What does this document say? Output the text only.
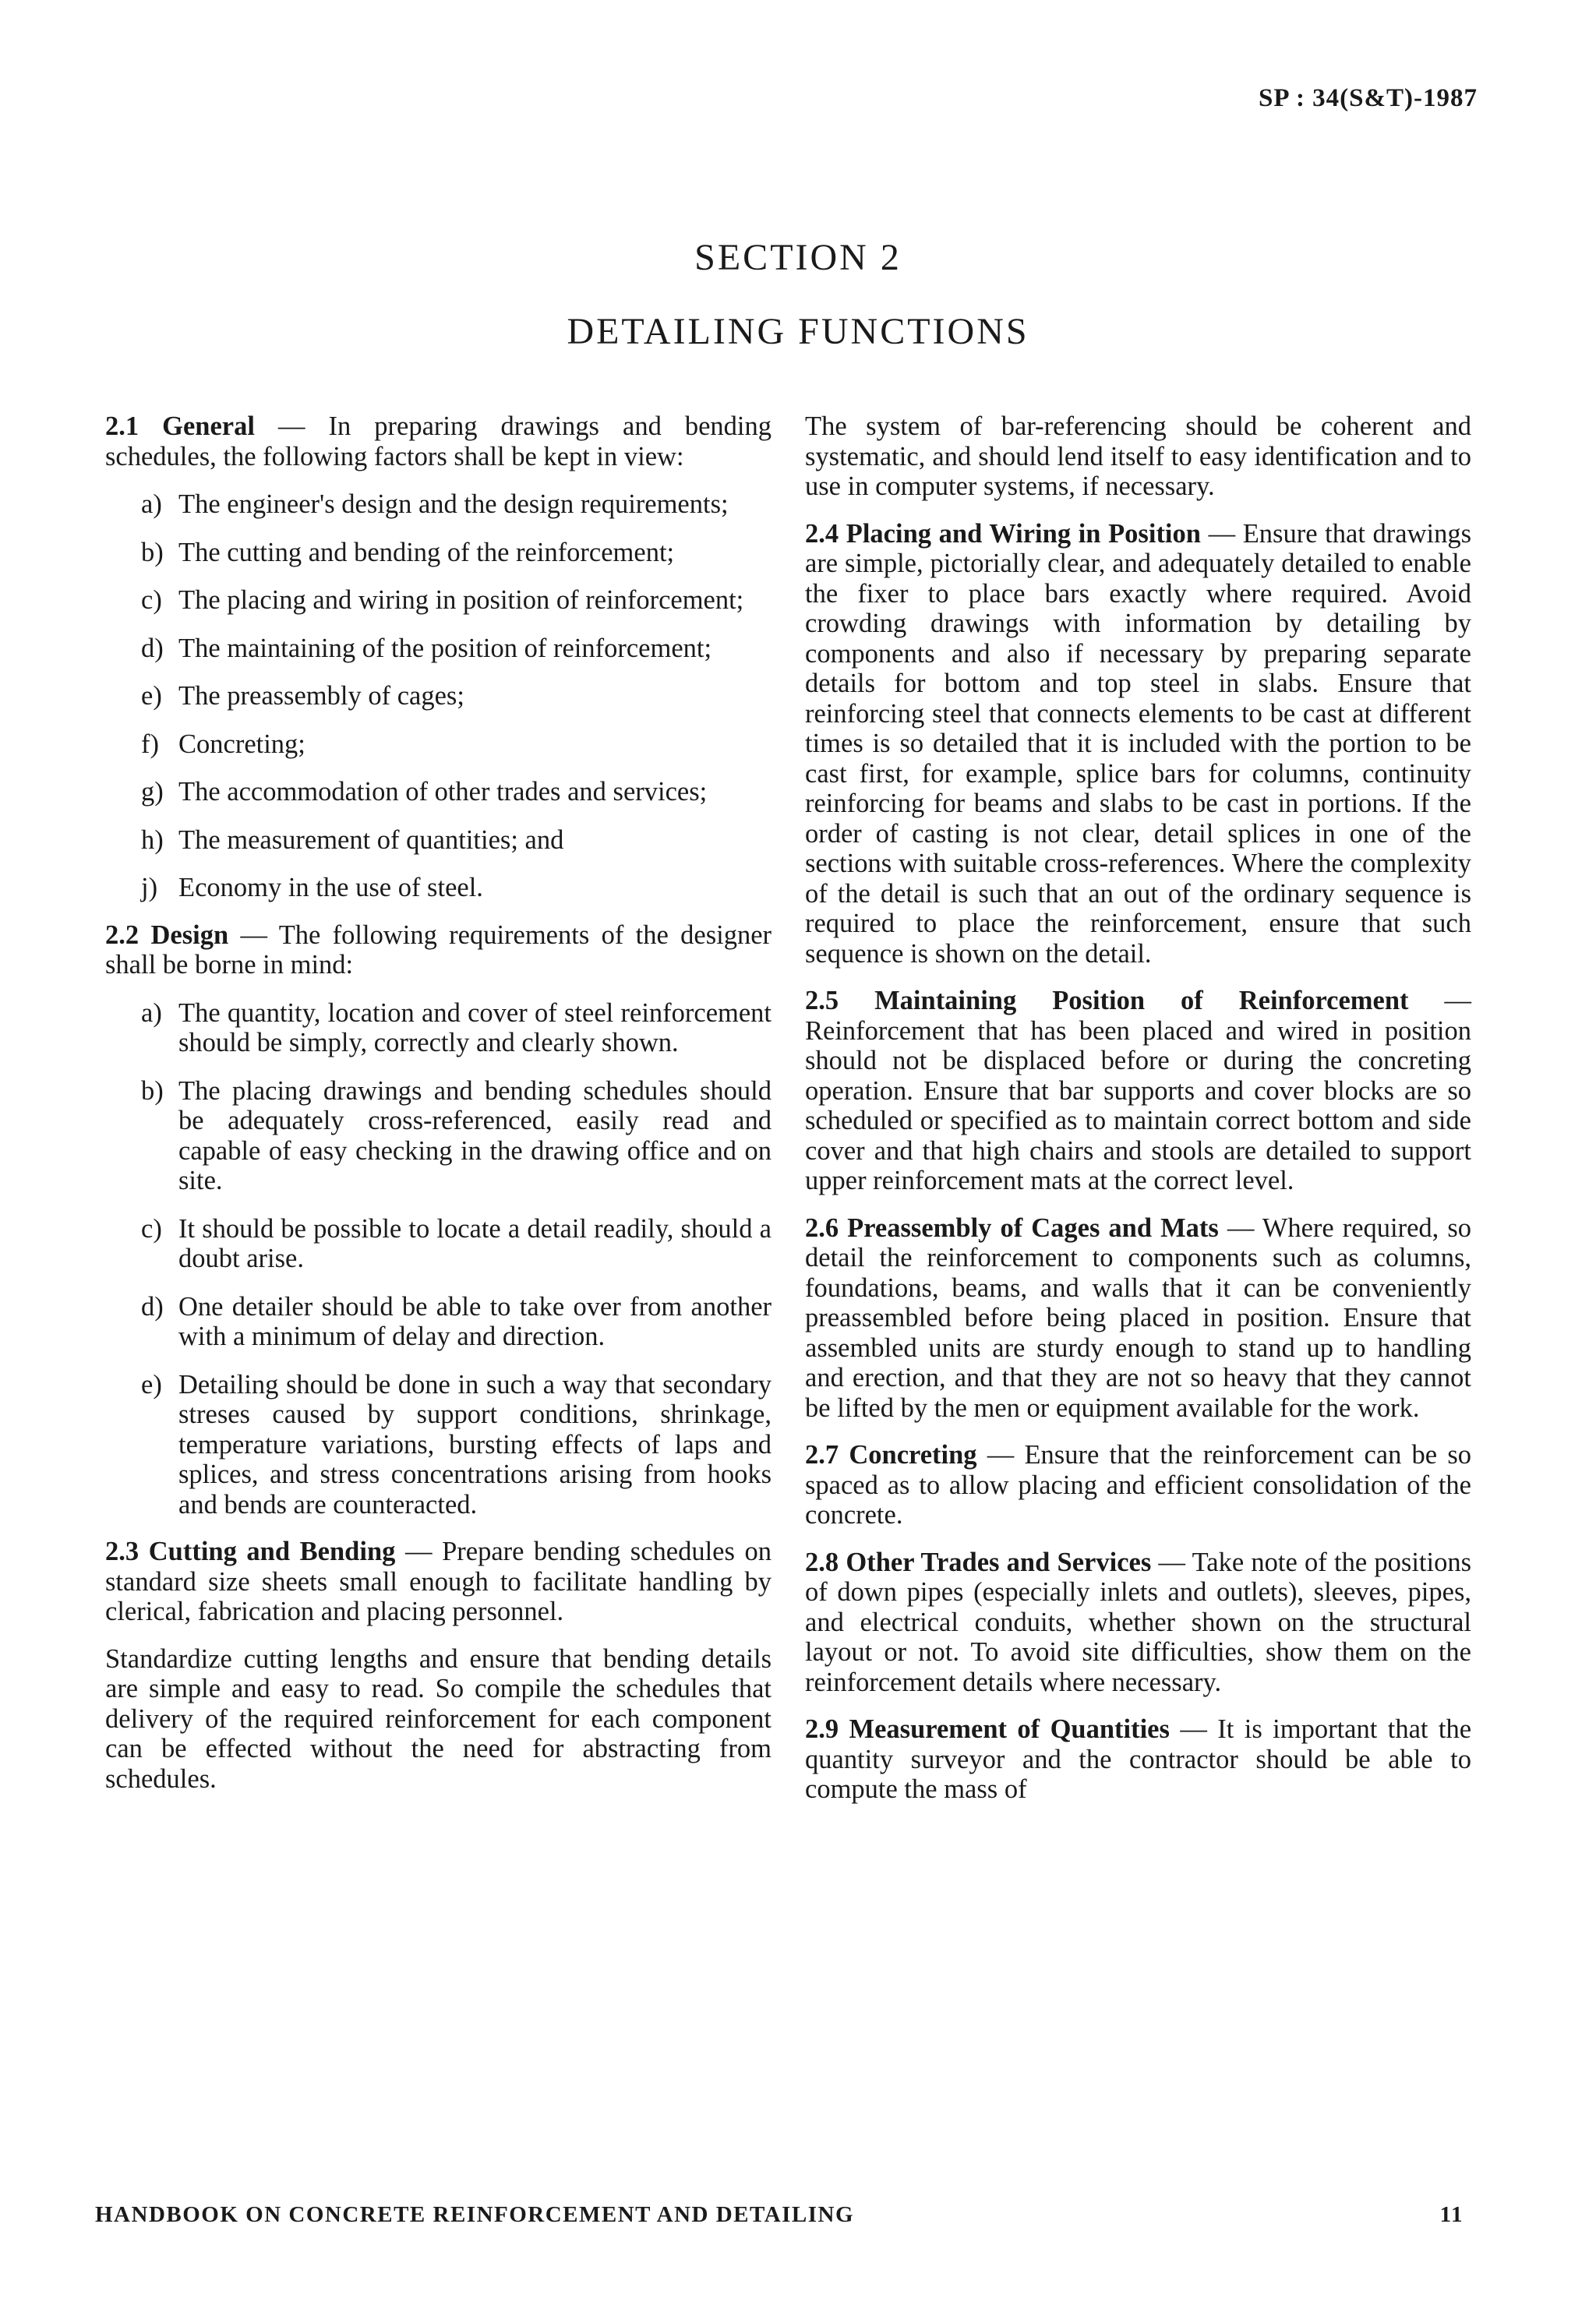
SP : 34(S&T)-1987
SECTION 2
DETAILING FUNCTIONS

2.1 General — In preparing drawings and bending schedules, the following factors shall be kept in view:

a) The engineer's design and the design requirements;
b) The cutting and bending of the reinforcement;
c) The placing and wiring in position of reinforcement;
d) The maintaining of the position of reinforcement;
e) The preassembly of cages;
f) Concreting;
g) The accommodation of other trades and services;
h) The measurement of quantities; and
j) Economy in the use of steel.

2.2 Design — The following requirements of the designer shall be borne in mind:

a) The quantity, location and cover of steel reinforcement should be simply, correctly and clearly shown.
b) The placing drawings and bending schedules should be adequately cross-referenced, easily read and capable of easy checking in the drawing office and on site.
c) It should be possible to locate a detail readily, should a doubt arise.
d) One detailer should be able to take over from another with a minimum of delay and direction.
e) Detailing should be done in such a way that secondary streses caused by support conditions, shrinkage, temperature variations, bursting effects of laps and splices, and stress concentrations arising from hooks and bends are counteracted.

2.3 Cutting and Bending — Prepare bending schedules on standard size sheets small enough to facilitate handling by clerical, fabrication and placing personnel.

Standardize cutting lengths and ensure that bending details are simple and easy to read. So compile the schedules that delivery of the required reinforcement for each component can be effected without the need for abstracting from schedules.

The system of bar-referencing should be coherent and systematic, and should lend itself to easy identification and to use in computer systems, if necessary.

2.4 Placing and Wiring in Position — Ensure that drawings are simple, pictorially clear, and adequately detailed to enable the fixer to place bars exactly where required. Avoid crowding drawings with information by detailing by components and also if necessary by preparing separate details for bottom and top steel in slabs. Ensure that reinforcing steel that connects elements to be cast at different times is so detailed that it is included with the portion to be cast first, for example, splice bars for columns, continuity reinforcing for beams and slabs to be cast in portions. If the order of casting is not clear, detail splices in one of the sections with suitable cross-references. Where the complexity of the detail is such that an out of the ordinary sequence is required to place the reinforcement, ensure that such sequence is shown on the detail.

2.5 Maintaining Position of Reinforcement — Reinforcement that has been placed and wired in position should not be displaced before or during the concreting operation. Ensure that bar supports and cover blocks are so scheduled or specified as to maintain correct bottom and side cover and that high chairs and stools are detailed to support upper reinforcement mats at the correct level.

2.6 Preassembly of Cages and Mats — Where required, so detail the reinforcement to components such as columns, foundations, beams, and walls that it can be conveniently preassembled before being placed in position. Ensure that assembled units are sturdy enough to stand up to handling and erection, and that they are not so heavy that they cannot be lifted by the men or equipment available for the work.

2.7 Concreting — Ensure that the reinforcement can be so spaced as to allow placing and efficient consolidation of the concrete.

2.8 Other Trades and Services — Take note of the positions of down pipes (especially inlets and outlets), sleeves, pipes, and electrical conduits, whether shown on the structural layout or not. To avoid site difficulties, show them on the reinforcement details where necessary.

2.9 Measurement of Quantities — It is important that the quantity surveyor and the contractor should be able to compute the mass of

HANDBOOK ON CONCRETE REINFORCEMENT AND DETAILING	11
